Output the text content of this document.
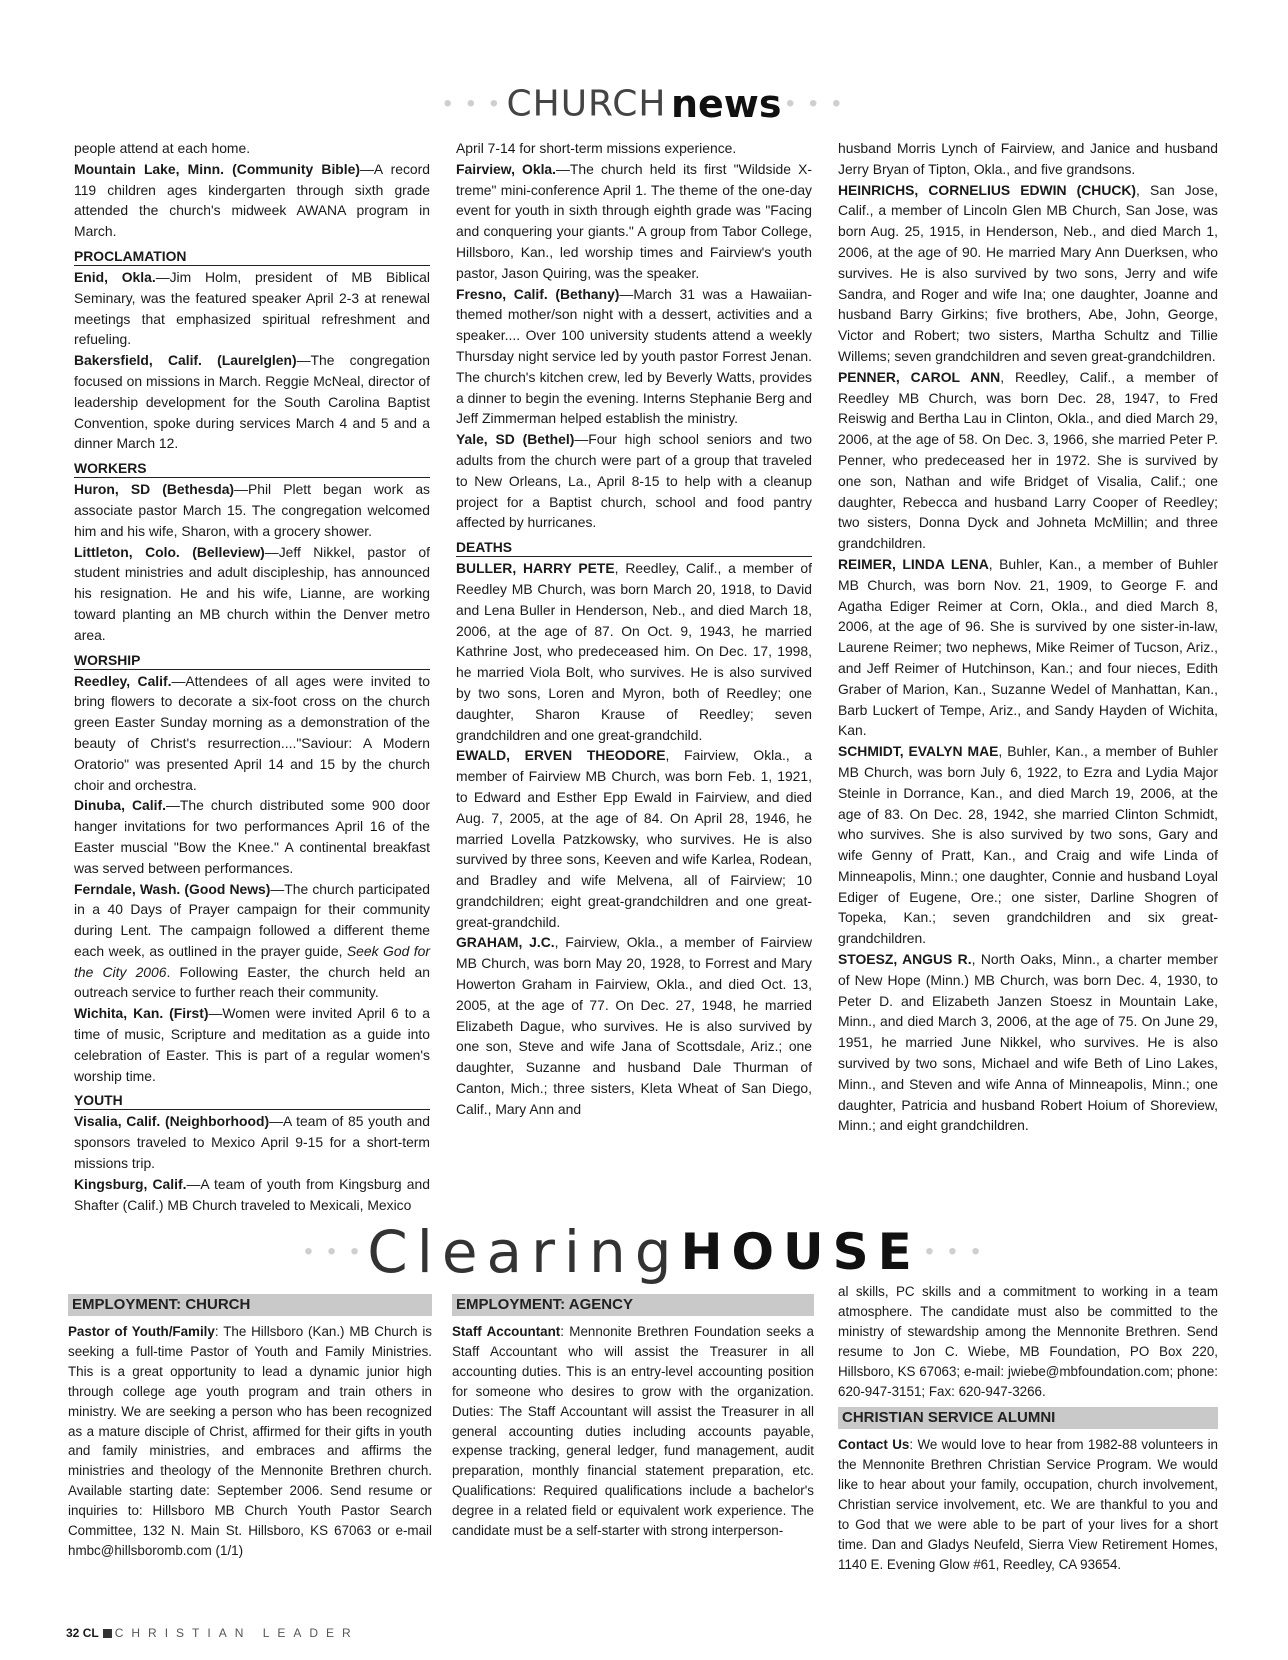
• • • CHURCH news • • •

people attend at each home.

Mountain Lake, Minn. (Community Bible)—A record 119 children ages kindergarten through sixth grade attended the church's midweek AWANA program in March.

PROCLAMATION

Enid, Okla.—Jim Holm, president of MB Biblical Seminary, was the featured speaker April 2-3 at renewal meetings that emphasized spiritual refreshment and refueling.

Bakersfield, Calif. (Laurelglen)—The congregation focused on missions in March. Reggie McNeal, director of leadership development for the South Carolina Baptist Convention, spoke during services March 4 and 5 and a dinner March 12.

WORKERS

Huron, SD (Bethesda)—Phil Plett began work as associate pastor March 15. The congregation welcomed him and his wife, Sharon, with a grocery shower.

Littleton, Colo. (Belleview)—Jeff Nikkel, pastor of student ministries and adult discipleship, has announced his resignation. He and his wife, Lianne, are working toward planting an MB church within the Denver metro area.

WORSHIP

Reedley, Calif.—Attendees of all ages were invited to bring flowers to decorate a six-foot cross on the church green Easter Sunday morning as a demonstration of the beauty of Christ's resurrection...."Saviour: A Modern Oratorio" was presented April 14 and 15 by the church choir and orchestra.

Dinuba, Calif.—The church distributed some 900 door hanger invitations for two performances April 16 of the Easter muscial "Bow the Knee." A continental breakfast was served between performances.

Ferndale, Wash. (Good News)—The church participated in a 40 Days of Prayer campaign for their community during Lent. The campaign followed a different theme each week, as outlined in the prayer guide, Seek God for the City 2006. Following Easter, the church held an outreach service to further reach their community.

Wichita, Kan. (First)—Women were invited April 6 to a time of music, Scripture and meditation as a guide into celebration of Easter. This is part of a regular women's worship time.

YOUTH

Visalia, Calif. (Neighborhood)—A team of 85 youth and sponsors traveled to Mexico April 9-15 for a short-term missions trip.

Kingsburg, Calif.—A team of youth from Kingsburg and Shafter (Calif.) MB Church traveled to Mexicali, Mexico

April 7-14 for short-term missions experience.

Fairview, Okla.—The church held its first "Wildside X-treme" mini-conference April 1. The theme of the one-day event for youth in sixth through eighth grade was "Facing and conquering your giants." A group from Tabor College, Hillsboro, Kan., led worship times and Fairview's youth pastor, Jason Quiring, was the speaker.

Fresno, Calif. (Bethany)—March 31 was a Hawaiian-themed mother/son night with a dessert, activities and a speaker.... Over 100 university students attend a weekly Thursday night service led by youth pastor Forrest Jenan. The church's kitchen crew, led by Beverly Watts, provides a dinner to begin the evening. Interns Stephanie Berg and Jeff Zimmerman helped establish the ministry.

Yale, SD (Bethel)—Four high school seniors and two adults from the church were part of a group that traveled to New Orleans, La., April 8-15 to help with a cleanup project for a Baptist church, school and food pantry affected by hurricanes.

DEATHS

BULLER, HARRY PETE, Reedley, Calif., a member of Reedley MB Church, was born March 20, 1918, to David and Lena Buller in Henderson, Neb., and died March 18, 2006, at the age of 87. On Oct. 9, 1943, he married Kathrine Jost, who predeceased him. On Dec. 17, 1998, he married Viola Bolt, who survives. He is also survived by two sons, Loren and Myron, both of Reedley; one daughter, Sharon Krause of Reedley; seven grandchildren and one great-grandchild.

EWALD, ERVEN THEODORE, Fairview, Okla., a member of Fairview MB Church, was born Feb. 1, 1921, to Edward and Esther Epp Ewald in Fairview, and died Aug. 7, 2005, at the age of 84. On April 28, 1946, he married Lovella Patzkowsky, who survives. He is also survived by three sons, Keeven and wife Karlea, Rodean, and Bradley and wife Melvena, all of Fairview; 10 grandchildren; eight great-grandchildren and one great-great-grandchild.

GRAHAM, J.C., Fairview, Okla., a member of Fairview MB Church, was born May 20, 1928, to Forrest and Mary Howerton Graham in Fairview, Okla., and died Oct. 13, 2005, at the age of 77. On Dec. 27, 1948, he married Elizabeth Dague, who survives. He is also survived by one son, Steve and wife Jana of Scottsdale, Ariz.; one daughter, Suzanne and husband Dale Thurman of Canton, Mich.; three sisters, Kleta Wheat of San Diego, Calif., Mary Ann and

husband Morris Lynch of Fairview, and Janice and husband Jerry Bryan of Tipton, Okla., and five grandsons.

HEINRICHS, CORNELIUS EDWIN (CHUCK), San Jose, Calif., a member of Lincoln Glen MB Church, San Jose, was born Aug. 25, 1915, in Henderson, Neb., and died March 1, 2006, at the age of 90. He married Mary Ann Duerksen, who survives. He is also survived by two sons, Jerry and wife Sandra, and Roger and wife Ina; one daughter, Joanne and husband Barry Girkins; five brothers, Abe, John, George, Victor and Robert; two sisters, Martha Schultz and Tillie Willems; seven grandchildren and seven great-grandchildren.

PENNER, CAROL ANN, Reedley, Calif., a member of Reedley MB Church, was born Dec. 28, 1947, to Fred Reiswig and Bertha Lau in Clinton, Okla., and died March 29, 2006, at the age of 58. On Dec. 3, 1966, she married Peter P. Penner, who predeceased her in 1972. She is survived by one son, Nathan and wife Bridget of Visalia, Calif.; one daughter, Rebecca and husband Larry Cooper of Reedley; two sisters, Donna Dyck and Johneta McMillin; and three grandchildren.

REIMER, LINDA LENA, Buhler, Kan., a member of Buhler MB Church, was born Nov. 21, 1909, to George F. and Agatha Ediger Reimer at Corn, Okla., and died March 8, 2006, at the age of 96. She is survived by one sister-in-law, Laurene Reimer; two nephews, Mike Reimer of Tucson, Ariz., and Jeff Reimer of Hutchinson, Kan.; and four nieces, Edith Graber of Marion, Kan., Suzanne Wedel of Manhattan, Kan., Barb Luckert of Tempe, Ariz., and Sandy Hayden of Wichita, Kan.

SCHMIDT, EVALYN MAE, Buhler, Kan., a member of Buhler MB Church, was born July 6, 1922, to Ezra and Lydia Major Steinle in Dorrance, Kan., and died March 19, 2006, at the age of 83. On Dec. 28, 1942, she married Clinton Schmidt, who survives. She is also survived by two sons, Gary and wife Genny of Pratt, Kan., and Craig and wife Linda of Minneapolis, Minn.; one daughter, Connie and husband Loyal Ediger of Eugene, Ore.; one sister, Darline Shogren of Topeka, Kan.; seven grandchildren and six great-grandchildren.

STOESZ, ANGUS R., North Oaks, Minn., a charter member of New Hope (Minn.) MB Church, was born Dec. 4, 1930, to Peter D. and Elizabeth Janzen Stoesz in Mountain Lake, Minn., and died March 3, 2006, at the age of 75. On June 29, 1951, he married June Nikkel, who survives. He is also survived by two sons, Michael and wife Beth of Lino Lakes, Minn., and Steven and wife Anna of Minneapolis, Minn.; one daughter, Patricia and husband Robert Hoium of Shoreview, Minn.; and eight grandchildren.

• • • ClearingHOUSE • • •
EMPLOYMENT: CHURCH

Pastor of Youth/Family: The Hillsboro (Kan.) MB Church is seeking a full-time Pastor of Youth and Family Ministries. This is a great opportunity to lead a dynamic junior high through college age youth program and train others in ministry. We are seeking a person who has been recognized as a mature disciple of Christ, affirmed for their gifts in youth and family ministries, and embraces and affirms the ministries and theology of the Mennonite Brethren church. Available starting date: September 2006. Send resume or inquiries to: Hillsboro MB Church Youth Pastor Search Committee, 132 N. Main St. Hillsboro, KS 67063 or e-mail hmbc@hillsboromb.com (1/1)

EMPLOYMENT: AGENCY

Staff Accountant: Mennonite Brethren Foundation seeks a Staff Accountant who will assist the Treasurer in all accounting duties. This is an entry-level accounting position for someone who desires to grow with the organization. Duties: The Staff Accountant will assist the Treasurer in all general accounting duties including accounts payable, expense tracking, general ledger, fund management, audit preparation, monthly financial statement preparation, etc. Qualifications: Required qualifications include a bachelor's degree in a related field or equivalent work experience. The candidate must be a self-starter with strong interperson-

al skills, PC skills and a commitment to working in a team atmosphere. The candidate must also be committed to the ministry of stewardship among the Mennonite Brethren. Send resume to Jon C. Wiebe, MB Foundation, PO Box 220, Hillsboro, KS 67063; e-mail: jwiebe@mbfoundation.com; phone: 620-947-3151; Fax: 620-947-3266.

CHRISTIAN SERVICE ALUMNI

Contact Us: We would love to hear from 1982-88 volunteers in the Mennonite Brethren Christian Service Program. We would like to hear about your family, occupation, church involvement, Christian service involvement, etc. We are thankful to you and to God that we were able to be part of your lives for a short time. Dan and Gladys Neufeld, Sierra View Retirement Homes, 1140 E. Evening Glow #61, Reedley, CA 93654.

32 CL CHRISTIAN LEADER
